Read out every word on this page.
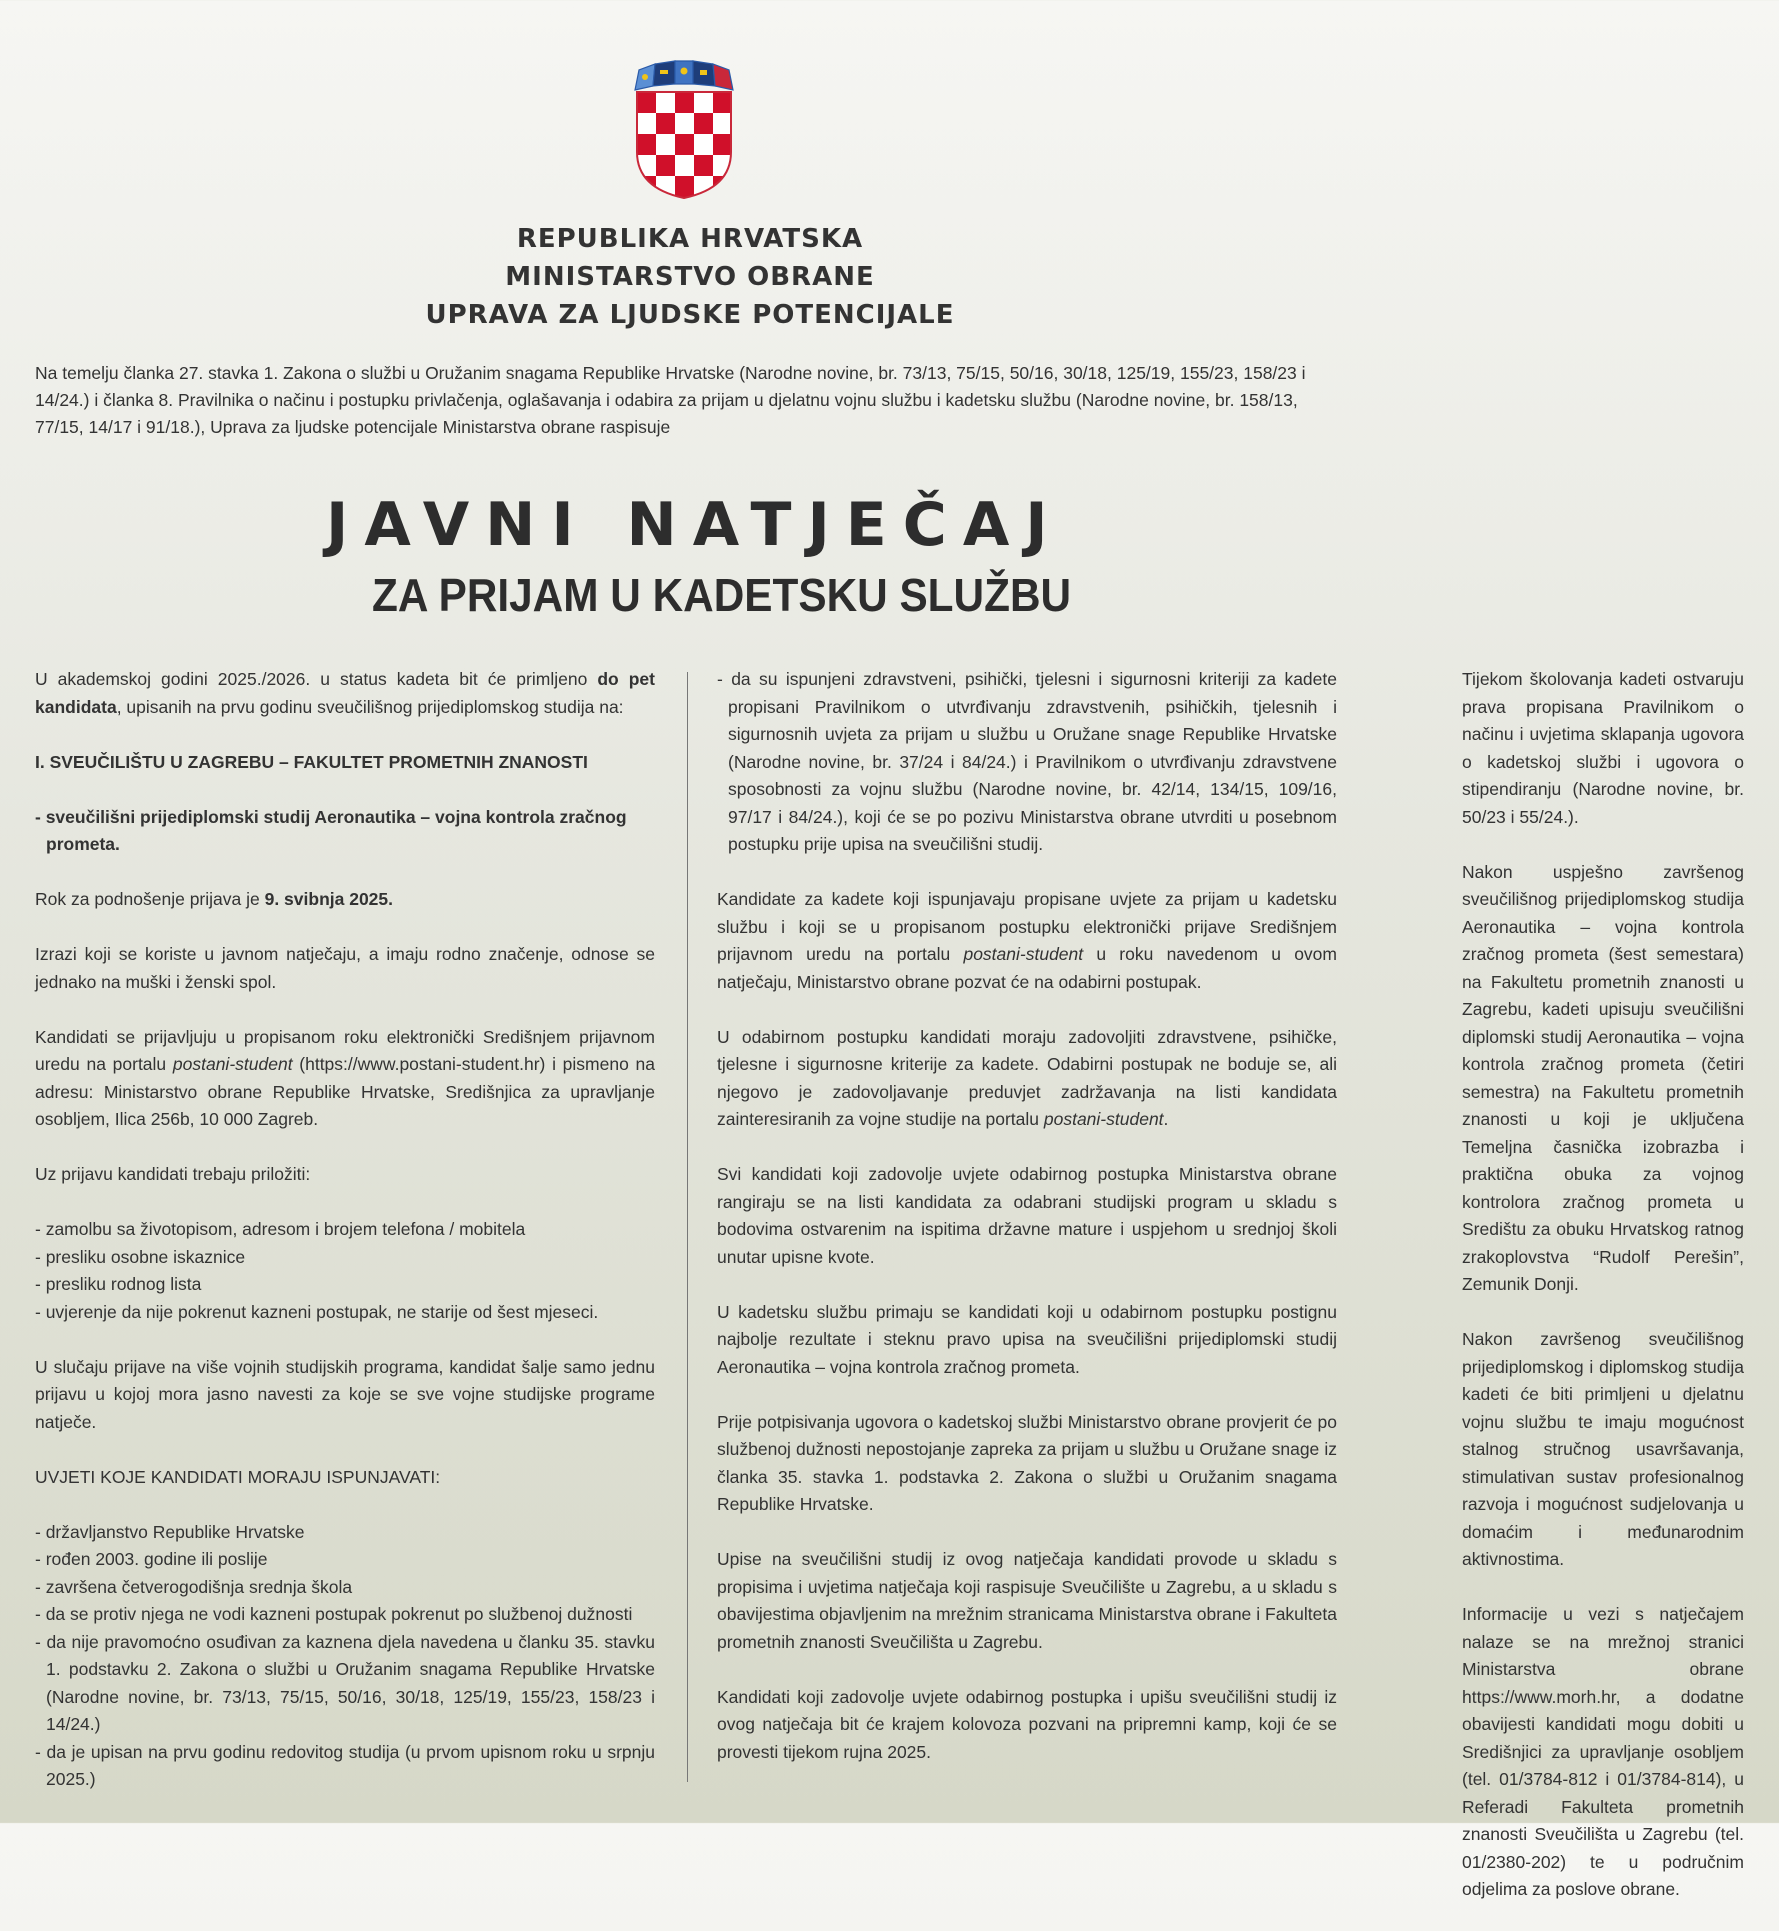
REPUBLIKA HRVATSKA
MINISTARSTVO OBRANE
UPRAVA ZA LJUDSKE POTENCIJALE

Na temelju članka 27. stavka 1. Zakona o službi u Oružanim snagama Republike Hrvatske (Narodne novine, br. 73/13, 75/15, 50/16, 30/18, 125/19, 155/23, 158/23 i 14/24.) i članka 8. Pravilnika o načinu i postupku privlačenja, oglašavanja i odabira za prijam u djelatnu vojnu službu i kadetsku službu (Narodne novine, br. 158/13, 77/15, 14/17 i 91/18.), Uprava za ljudske potencijale Ministarstva obrane raspisuje

JAVNI NATJEČAJ
ZA PRIJAM U KADETSKU SLUŽBU

U akademskoj godini 2025./2026. u status kadeta bit će primljeno do pet kandidata, upisanih na prvu godinu sveučilišnog prijediplomskog studija na:

I. SVEUČILIŠTU U ZAGREBU – FAKULTET PROMETNIH ZNANOSTI

- sveučilišni prijediplomski studij Aeronautika – vojna kontrola zračnog prometa.

Rok za podnošenje prijava je 9. svibnja 2025.

Izrazi koji se koriste u javnom natječaju, a imaju rodno značenje, odnose se jednako na muški i ženski spol.

Kandidati se prijavljuju u propisanom roku elektronički Središnjem prijavnom uredu na portalu postani-student (https://www.postani-student.hr) i pismeno na adresu: Ministarstvo obrane Republike Hrvatske, Središnjica za upravljanje osobljem, Ilica 256b, 10 000 Zagreb.

Uz prijavu kandidati trebaju priložiti:

- zamolbu sa životopisom, adresom i brojem telefona / mobitela
- presliku osobne iskaznice
- presliku rodnog lista
- uvjerenje da nije pokrenut kazneni postupak, ne starije od šest mjeseci.

U slučaju prijave na više vojnih studijskih programa, kandidat šalje samo jednu prijavu u kojoj mora jasno navesti za koje se sve vojne studijske programe natječe.

UVJETI KOJE KANDIDATI MORAJU ISPUNJAVATI:

- državljanstvo Republike Hrvatske
- rođen 2003. godine ili poslije
- završena četverogodišnja srednja škola
- da se protiv njega ne vodi kazneni postupak pokrenut po službenoj dužnosti
- da nije pravomoćno osuđivan za kaznena djela navedena u članku 35. stavku 1. podstavku 2. Zakona o službi u Oružanim snagama Republike Hrvatske (Narodne novine, br. 73/13, 75/15, 50/16, 30/18, 125/19, 155/23, 158/23 i 14/24.)
- da je upisan na prvu godinu redovitog studija (u prvom upisnom roku u srpnju 2025.)
- da su ispunjeni zdravstveni, psihički, tjelesni i sigurnosni kriteriji za kadete propisani Pravilnikom o utvrđivanju zdravstvenih, psihičkih, tjelesnih i sigurnosnih uvjeta za prijam u službu u Oružane snage Republike Hrvatske (Narodne novine, br. 37/24 i 84/24.) i Pravilnikom o utvrđivanju zdravstvene sposobnosti za vojnu službu (Narodne novine, br. 42/14, 134/15, 109/16, 97/17 i 84/24.), koji će se po pozivu Ministarstva obrane utvrditi u posebnom postupku prije upisa na sveučilišni studij.

Kandidate za kadete koji ispunjavaju propisane uvjete za prijam u kadetsku službu i koji se u propisanom postupku elektronički prijave Središnjem prijavnom uredu na portalu postani-student u roku navedenom u ovom natječaju, Ministarstvo obrane pozvat će na odabirni postupak.

U odabirnom postupku kandidati moraju zadovoljiti zdravstvene, psihičke, tjelesne i sigurnosne kriterije za kadete. Odabirni postupak ne boduje se, ali njegovo je zadovoljavanje preduvjet zadržavanja na listi kandidata zainteresiranih za vojne studije na portalu postani-student.

Svi kandidati koji zadovolje uvjete odabirnog postupka Ministarstva obrane rangiraju se na listi kandidata za odabrani studijski program u skladu s bodovima ostvarenim na ispitima državne mature i uspjehom u srednjoj školi unutar upisne kvote.

U kadetsku službu primaju se kandidati koji u odabirnom postupku postignu najbolje rezultate i steknu pravo upisa na sveučilišni prijediplomski studij Aeronautika – vojna kontrola zračnog prometa.

Prije potpisivanja ugovora o kadetskoj službi Ministarstvo obrane provjerit će po službenoj dužnosti nepostojanje zapreka za prijam u službu u Oružane snage iz članka 35. stavka 1. podstavka 2. Zakona o službi u Oružanim snagama Republike Hrvatske.

Upise na sveučilišni studij iz ovog natječaja kandidati provode u skladu s propisima i uvjetima natječaja koji raspisuje Sveučilište u Zagrebu, a u skladu s obavijestima objavljenim na mrežnim stranicama Ministarstva obrane i Fakulteta prometnih znanosti Sveučilišta u Zagrebu.

Kandidati koji zadovolje uvjete odabirnog postupka i upišu sveučilišni studij iz ovog natječaja bit će krajem kolovoza pozvani na pripremni kamp, koji će se provesti tijekom rujna 2025.

Tijekom školovanja kadeti ostvaruju prava propisana Pravilnikom o načinu i uvjetima sklapanja ugovora o kadetskoj službi i ugovora o stipendiranju (Narodne novine, br. 50/23 i 55/24.).

Nakon uspješno završenog sveučilišnog prijediplomskog studija Aeronautika – vojna kontrola zračnog prometa (šest semestara) na Fakultetu prometnih znanosti u Zagrebu, kadeti upisuju sveučilišni diplomski studij Aeronautika – vojna kontrola zračnog prometa (četiri semestra) na Fakultetu prometnih znanosti u koji je uključena Temeljna časnička izobrazba i praktična obuka za vojnog kontrolora zračnog prometa u Središtu za obuku Hrvatskog ratnog zrakoplovstva “Rudolf Perešin”, Zemunik Donji.

Nakon završenog sveučilišnog prijediplomskog i diplomskog studija kadeti će biti primljeni u djelatnu vojnu službu te imaju mogućnost stalnog stručnog usavršavanja, stimulativan sustav profesionalnog razvoja i mogućnost sudjelovanja u domaćim i međunarodnim aktivnostima.

Informacije u vezi s natječajem nalaze se na mrežnoj stranici Ministarstva obrane https://www.morh.hr, a dodatne obavijesti kandidati mogu dobiti u Središnjici za upravljanje osobljem (tel. 01/3784-812 i 01/3784-814), u Referadi Fakulteta prometnih znanosti Sveučilišta u Zagrebu (tel. 01/2380-202) te u područnim odjelima za poslove obrane.
